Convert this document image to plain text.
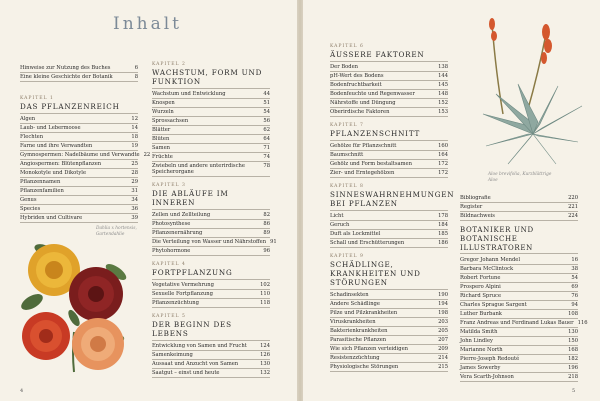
Inhalt
Hinweise zur Nutzung des Buches	6
Eine kleine Geschichte der Botanik	8
KAPITEL 1
DAS PFLANZENREICH
Algen	12
Laub- und Lebermoose	14
Flechten	18
Farne und ihre Verwandten	19
Gymnospermen: Nadelbäume und Verwandte 22
Angiospermen: Blütenpflanzen	25
Monokotyle und Dikotyle	28
Pflanzennamen	29
Pflanzenfamilien	31
Genus	34
Species	36
Hybriden und Cultivare	39
KAPITEL 2
WACHSTUM, FORM UND FUNKTION
Wachstum und Entwicklung	44
Knospen	51
Wurzeln	54
Sprossachsen	56
Blätter	62
Blüten	64
Samen	71
Früchte	74
Zwiebeln und andere unterirdische Speicherorgane
78
KAPITEL 3
DIE ABLÄUFE IM INNEREN
Zellen und Zellteilung	82
Photosynthese	86
Pflanzenernährung	89
Die Verteilung von Wasser und Nährstoffen 91
Phytohormone	96
KAPITEL 4
FORTPFLANZUNG
Vegetative Vermehrung	102
Sexuelle Fortpflanzung	110
Pflanzenzüchtung	118
KAPITEL 5
DER BEGINN DES LEBENS
Entwicklung von Samen und Frucht	124
Samenkeimung	126
Aussaat und Anzucht von Samen	130
Saatgut – einst und heute	132
Dahlia x hortensis, Gartendahlie
4
KAPITEL 6
ÄUSSERE FAKTOREN
Der Boden	138
pH-Wert des Bodens	144
Bodenfruchtbarkeit	145
Bodenfeuchte und Regenwasser	148
Nährstoffe und Düngung	152
Oberirdische Faktoren	153
KAPITEL 7
PFLANZENSCHNITT
Gehölze für Pflanzschnitt	160
Baumschnitt	164
Gehölz und Form bestaltsamen	172
Zier- und Erntegehölzen	172
KAPITEL 8
SINNESWAHRNEHMUNGEN BEI PFLANZEN
Licht	178
Geruch	184
Duft als Lockmittel	185
Schall und Erschütterungen	186
KAPITEL 9
SCHÄDLINGE, KRANKHEITEN UND STÖRUNGEN
Schadinsekten	190
Andere Schädlinge	194
Pilze und Pilzkrankheiten	198
Viruskrankheiten	203
Bakterienkrankheiten	205
Parasitische Pflanzen	207
Wie sich Pflanzen verteidigen	209
Resistenzzüchtung	214
Physiologische Störungen	215
Aloe brevifolia, Kurzblättrige Aloe
Bibliografie	220
Register	221
Bildnachweis	224
BOTANIKER UND BOTANISCHE ILLUSTRATOREN
Gregor Johann Mendel	16
Barbara McClintock	38
Robert Fortune	54
Prospero Alpini	69
Richard Spruce	76
Charles Sprague Sargent	94
Luther Burbank	108
Franz Andreas und Ferdinand Lukas Bauer 116
Matilda Smith	130
John Lindley	150
Marianne North	168
Pierre-Joseph Redouté	182
James Sowerby	196
Vera Scarth-Johnson	218
5
